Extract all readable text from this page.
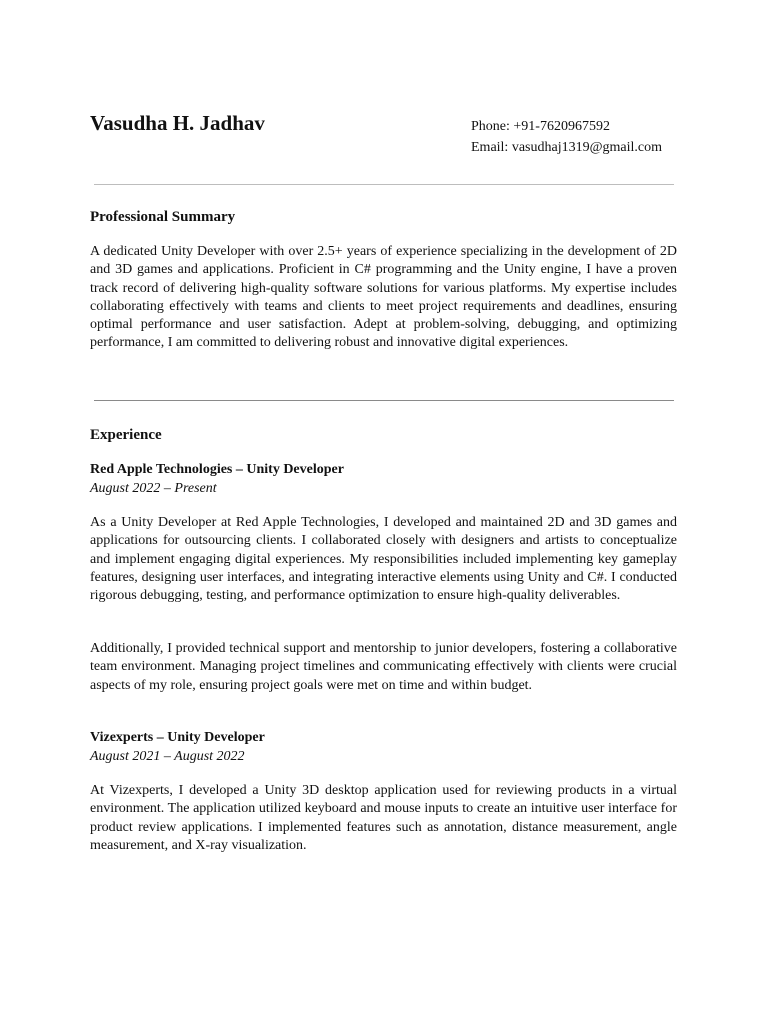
Vasudha H. Jadhav	Phone: +91-7620967592
Email: vasudhaj1319@gmail.com
Professional Summary

A dedicated Unity Developer with over 2.5+ years of experience specializing in the development of 2D and 3D games and applications. Proficient in C# programming and the Unity engine, I have a proven track record of delivering high-quality software solutions for various platforms. My expertise includes collaborating effectively with teams and clients to meet project requirements and deadlines, ensuring optimal performance and user satisfaction. Adept at problem-solving, debugging, and optimizing performance, I am committed to delivering robust and innovative digital experiences.

Experience

Red Apple Technologies – Unity Developer

August 2022 – Present

As a Unity Developer at Red Apple Technologies, I developed and maintained 2D and 3D games and applications for outsourcing clients. I collaborated closely with designers and artists to conceptualize and implement engaging digital experiences. My responsibilities included implementing key gameplay features, designing user interfaces, and integrating interactive elements using Unity and C#. I conducted rigorous debugging, testing, and performance optimization to ensure high-quality deliverables.

Additionally, I provided technical support and mentorship to junior developers, fostering a collaborative team environment. Managing project timelines and communicating effectively with clients were crucial aspects of my role, ensuring project goals were met on time and within budget.

Vizexperts – Unity Developer

August 2021 – August 2022

At Vizexperts, I developed a Unity 3D desktop application used for reviewing products in a virtual environment. The application utilized keyboard and mouse inputs to create an intuitive user interface for product review applications. I implemented features such as annotation, distance measurement, angle measurement, and X-ray visualization.
